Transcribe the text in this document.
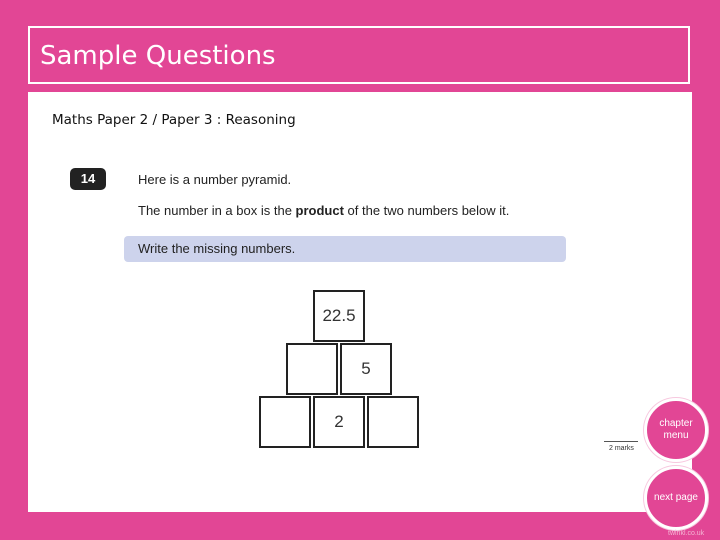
Sample Questions
Maths Paper 2 / Paper 3 : Reasoning
14	Here is a number pyramid.
The number in a box is the product of the two numbers below it.
Write the missing numbers.
22.5
5
2
2 marks
chapter menu
next page
twinkl.co.uk
